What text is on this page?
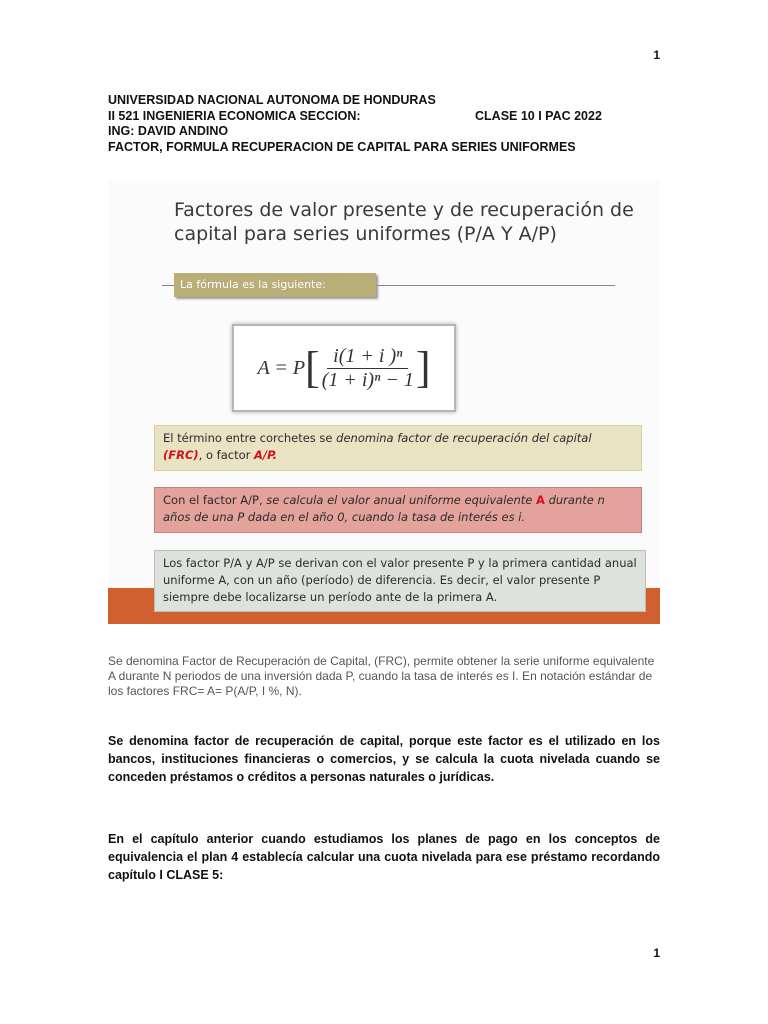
1
UNIVERSIDAD NACIONAL AUTONOMA DE HONDURAS
II 521 INGENIERIA ECONOMICA SECCION:	CLASE 10 I PAC 2022
ING: DAVID ANDINO
FACTOR, FORMULA RECUPERACION DE CAPITAL PARA SERIES UNIFORMES
Factores de valor presente y de recuperación de capital para series uniformes (P/A Y A/P)
La fórmula es la siguiente:
A = P [ $\frac{\text{i(1 + i )ⁿ}}{\text{(1 + i)ⁿ − 1}}$ ]
El término entre corchetes se denomina factor de recuperación del capital (FRC), o factor A/P.
Con el factor A/P, se calcula el valor anual uniforme equivalente A durante n años de una P dada en el año 0, cuando la tasa de interés es i.
Los factor P/A y A/P se derivan con el valor presente P y la primera cantidad anual uniforme A, con un año (período) de diferencia. Es decir, el valor presente P siempre debe localizarse un período ante de la primera A.
Se denomina Factor de Recuperación de Capital, (FRC), permite obtener la serie uniforme equivalente A durante N periodos de una inversión dada P, cuando la tasa de interés es I. En notación estándar de los factores FRC= A= P(A/P, I %, N).
Se denomina factor de recuperación de capital, porque este factor es el utilizado en los bancos, instituciones financieras o comercios, y se calcula la cuota nivelada cuando se conceden préstamos o créditos a personas naturales o jurídicas.
En el capítulo anterior cuando estudiamos los planes de pago en los conceptos de equivalencia el plan 4 establecía calcular una cuota nivelada para ese préstamo recordando capítulo I CLASE 5:
1
